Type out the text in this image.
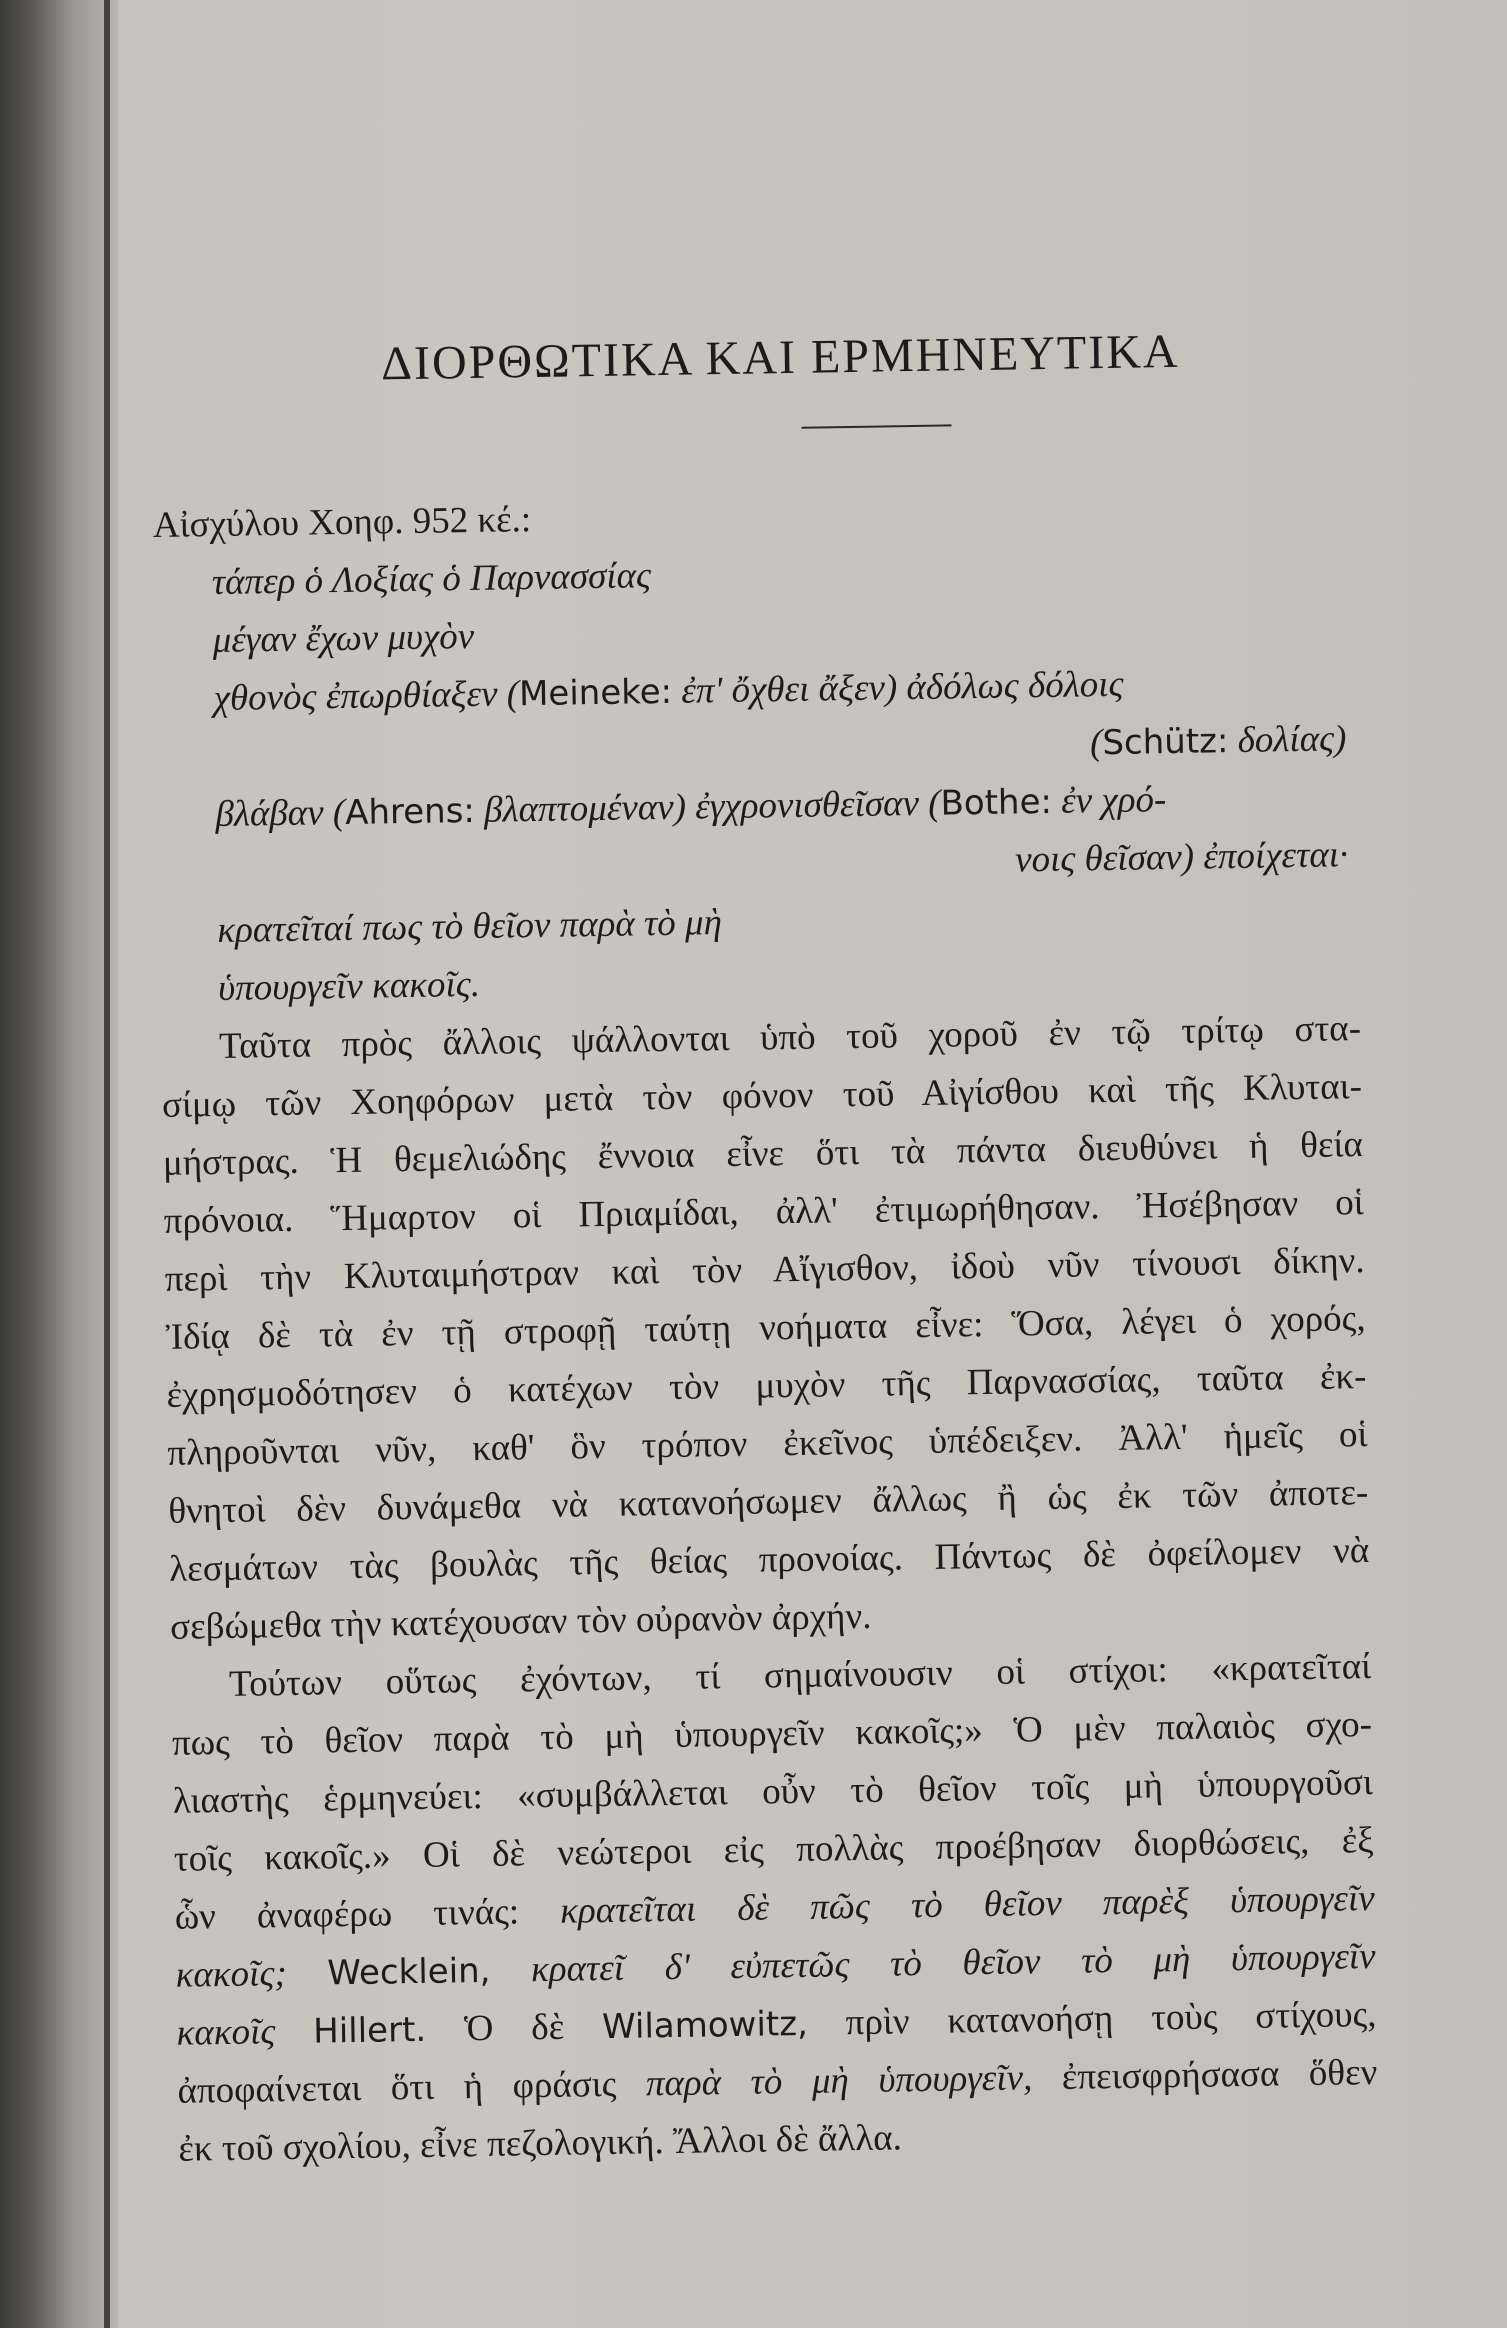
ΔΙΟΡΘΩΤΙΚΑ ΚΑΙ ΕΡΜΗΝΕΥΤΙΚΑ
Αἰσχύλου Χοηφ. 952 κέ.:
τάπερ ὁ Λοξίας ὁ Παρνασσίας
μέγαν ἔχων μυχὸν
χθονὸς ἐπωρθίαξεν (Meineke: ἐπ' ὄχθει ἄξεν) ἀδόλως δόλοις
(Schütz: δολίας)
βλάβαν (Ahrens: βλαπτομέναν) ἐγχρονισθεῖσαν (Bothe: ἐν χρό-
νοις θεῖσαν) ἐποίχεται·
κρατεῖταί πως τὸ θεῖον παρὰ τὸ μὴ
ὑπουργεῖν κακοῖς.
Ταῦτα πρὸς ἄλλοις ψάλλονται ὑπὸ τοῦ χοροῦ ἐν τῷ τρίτῳ στα-
σίμῳ τῶν Χοηφόρων μετὰ τὸν φόνον τοῦ Αἰγίσθου καὶ τῆς Κλυται-
μήστρας. Ἡ θεμελιώδης ἔννοια εἶνε ὅτι τὰ πάντα διευθύνει ἡ θεία
πρόνοια. Ἥμαρτον οἱ Πριαμίδαι, ἀλλ' ἐτιμωρήθησαν. Ἠσέβησαν οἱ
περὶ τὴν Κλυταιμήστραν καὶ τὸν Αἴγισθον, ἰδοὺ νῦν τίνουσι δίκην.
Ἰδίᾳ δὲ τὰ ἐν τῇ στροφῇ ταύτῃ νοήματα εἶνε: Ὅσα, λέγει ὁ χορός,
ἐχρησμοδότησεν ὁ κατέχων τὸν μυχὸν τῆς Παρνασσίας, ταῦτα ἐκ-
πληροῦνται νῦν, καθ' ὃν τρόπον ἐκεῖνος ὑπέδειξεν. Ἀλλ' ἡμεῖς οἱ
θνητοὶ δὲν δυνάμεθα νὰ κατανοήσωμεν ἄλλως ἢ ὡς ἐκ τῶν ἀποτε-
λεσμάτων τὰς βουλὰς τῆς θείας προνοίας. Πάντως δὲ ὀφείλομεν νὰ
σεβώμεθα τὴν κατέχουσαν τὸν οὐρανὸν ἀρχήν.
Τούτων οὕτως ἐχόντων, τί σημαίνουσιν οἱ στίχοι: «κρατεῖταί
πως τὸ θεῖον παρὰ τὸ μὴ ὑπουργεῖν κακοῖς;» Ὁ μὲν παλαιὸς σχο-
λιαστὴς ἑρμηνεύει: «συμβάλλεται οὖν τὸ θεῖον τοῖς μὴ ὑπουργοῦσι
τοῖς κακοῖς.» Οἱ δὲ νεώτεροι εἰς πολλὰς προέβησαν διορθώσεις, ἐξ
ὧν ἀναφέρω τινάς: κρατεῖται δὲ πῶς τὸ θεῖον παρὲξ ὑπουργεῖν
κακοῖς; Wecklein, κρατεῖ δ' εὐπετῶς τὸ θεῖον τὸ μὴ ὑπουργεῖν
κακοῖς Hillert. Ὁ δὲ Wilamowitz, πρὶν κατανοήσῃ τοὺς στίχους,
ἀποφαίνεται ὅτι ἡ φράσις παρὰ τὸ μὴ ὑπουργεῖν, ἐπεισφρήσασα ὅθεν
ἐκ τοῦ σχολίου, εἶνε πεζολογική. Ἄλλοι δὲ ἄλλα.
